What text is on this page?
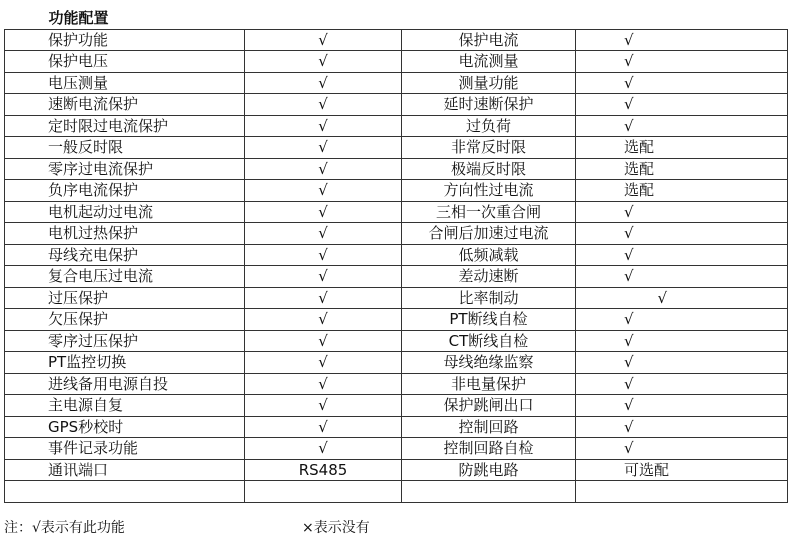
功能配置			
保护功能	√	保护电流	√
保护电压	√	电流测量	√
电压测量	√	测量功能	√
速断电流保护	√	延时速断保护	√
定时限过电流保护	√	过负荷	√
一般反时限	√	非常反时限	选配
零序过电流保护	√	极端反时限	选配
负序电流保护	√	方向性过电流	选配
电机起动过电流	√	三相一次重合闸	√
电机过热保护	√	合闸后加速过电流	√
母线充电保护	√	低频减载	√
复合电压过电流	√	差动速断	√
过压保护	√	比率制动	√
欠压保护	√	PT断线自检	√
零序过压保护	√	CT断线自检	√
PT监控切换	√	母线绝缘监察	√
进线备用电源自投	√	非电量保护	√
主电源自复	√	保护跳闸出口	√
GPS秒校时	√	控制回路	√
事件记录功能	√	控制回路自检	√
通讯端口	RS485	防跳电路	可选配

注：√表示有此功能	×表示没有
